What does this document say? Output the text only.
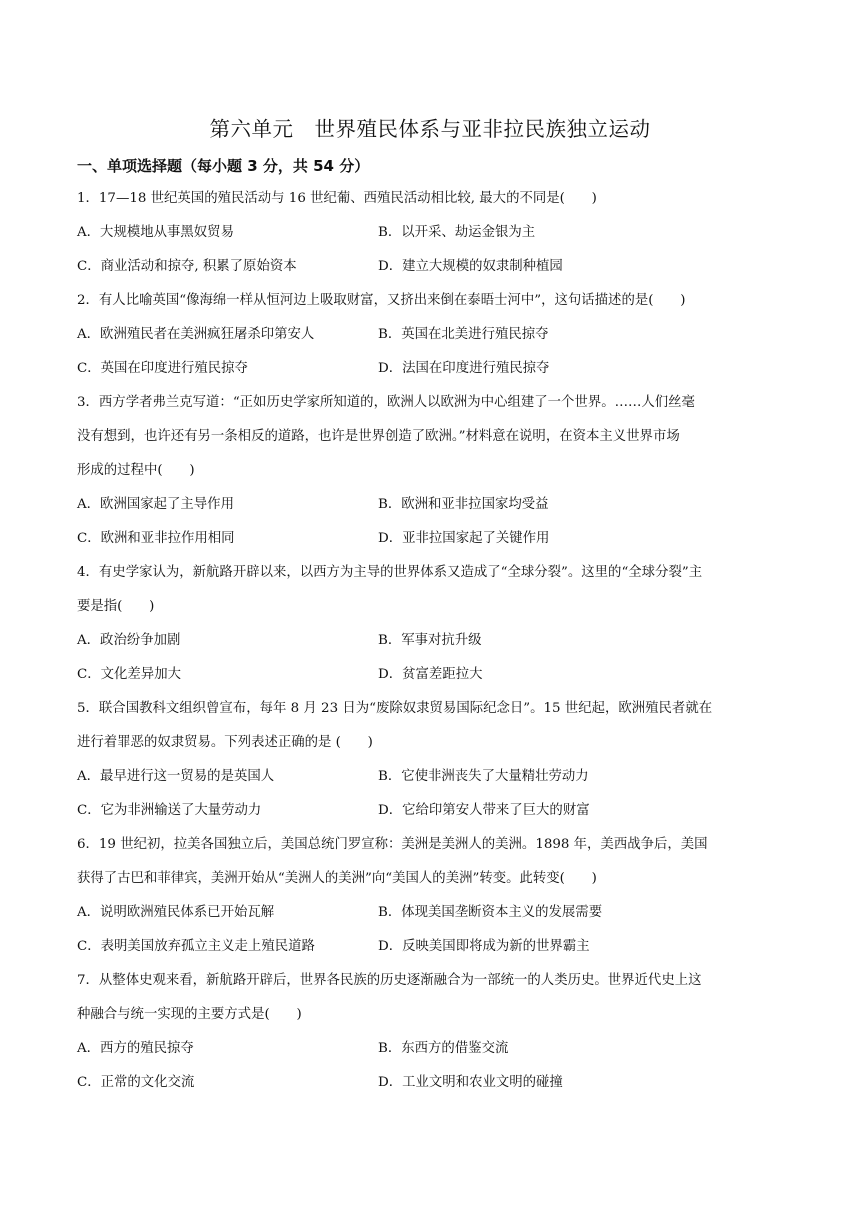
第六单元　世界殖民体系与亚非拉民族独立运动
一、单项选择题（每小题 3 分，共 54 分）
1．17—18 世纪英国的殖民活动与 16 世纪葡、西殖民活动相比较, 最大的不同是(　　)
A．大规模地从事黑奴贸易	B．以开采、劫运金银为主
C．商业活动和掠夺, 积累了原始资本	D．建立大规模的奴隶制种植园
2．有人比喻英国“像海绵一样从恒河边上吸取财富，又挤出来倒在泰晤士河中”，这句话描述的是(　　)
A．欧洲殖民者在美洲疯狂屠杀印第安人	B．英国在北美进行殖民掠夺
C．英国在印度进行殖民掠夺	D．法国在印度进行殖民掠夺
3．西方学者弗兰克写道：“正如历史学家所知道的，欧洲人以欧洲为中心组建了一个世界。……人们丝毫
没有想到，也许还有另一条相反的道路，也许是世界创造了欧洲。”材料意在说明，在资本主义世界市场
形成的过程中(　　)
A．欧洲国家起了主导作用	B．欧洲和亚非拉国家均受益
C．欧洲和亚非拉作用相同	D．亚非拉国家起了关键作用
4．有史学家认为，新航路开辟以来，以西方为主导的世界体系又造成了“全球分裂”。这里的“全球分裂”主
要是指(　　)
A．政治纷争加剧	B．军事对抗升级
C．文化差异加大	D．贫富差距拉大
5．联合国教科文组织曾宣布，每年 8 月 23 日为“废除奴隶贸易国际纪念日”。15 世纪起，欧洲殖民者就在
进行着罪恶的奴隶贸易。下列表述正确的是 (　　)
A．最早进行这一贸易的是英国人	B．它使非洲丧失了大量精壮劳动力
C．它为非洲输送了大量劳动力	D．它给印第安人带来了巨大的财富
6．19 世纪初，拉美各国独立后，美国总统门罗宣称：美洲是美洲人的美洲。1898 年，美西战争后，美国
获得了古巴和菲律宾，美洲开始从“美洲人的美洲”向“美国人的美洲”转变。此转变(　　)
A．说明欧洲殖民体系已开始瓦解	B．体现美国垄断资本主义的发展需要
C．表明美国放弃孤立主义走上殖民道路	D．反映美国即将成为新的世界霸主
7．从整体史观来看，新航路开辟后，世界各民族的历史逐渐融合为一部统一的人类历史。世界近代史上这
种融合与统一实现的主要方式是(　　)
A．西方的殖民掠夺	B．东西方的借鉴交流
C．正常的文化交流	D．工业文明和农业文明的碰撞
